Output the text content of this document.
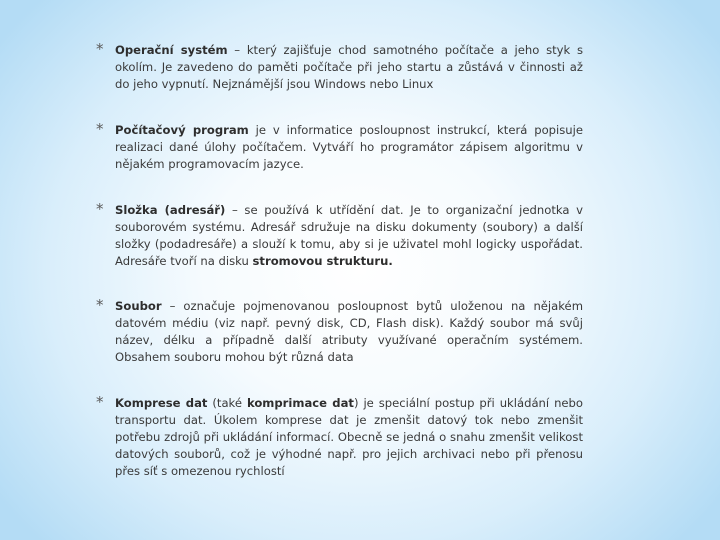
* Operační systém – který zajišťuje chod samotného počítače a jeho styk s okolím. Je zavedeno do paměti počítače při jeho startu a zůstává v činnosti až do jeho vypnutí. Nejznámější jsou Windows nebo Linux

* Počítačový program je v informatice posloupnost instrukcí, která popisuje realizaci dané úlohy počítačem. Vytváří ho programátor zápisem algoritmu v nějakém programovacím jazyce.

* Složka (adresář) – se používá k utřídění dat. Je to organizační jednotka v souborovém systému. Adresář sdružuje na disku dokumenty (soubory) a další složky (podadresáře) a slouží k tomu, aby si je uživatel mohl logicky uspořádat. Adresáře tvoří na disku stromovou strukturu.

* Soubor – označuje pojmenovanou posloupnost bytů uloženou na nějakém datovém médiu (viz např. pevný disk, CD, Flash disk). Každý soubor má svůj název, délku a případně další atributy využívané operačním systémem. Obsahem souboru mohou být různá data

* Komprese dat (také komprimace dat) je speciální postup při ukládání nebo transportu dat. Úkolem komprese dat je zmenšit datový tok nebo zmenšit potřebu zdrojů při ukládání informací. Obecně se jedná o snahu zmenšit velikost datových souborů, což je výhodné např. pro jejich archivaci nebo při přenosu přes síť s omezenou rychlostí
